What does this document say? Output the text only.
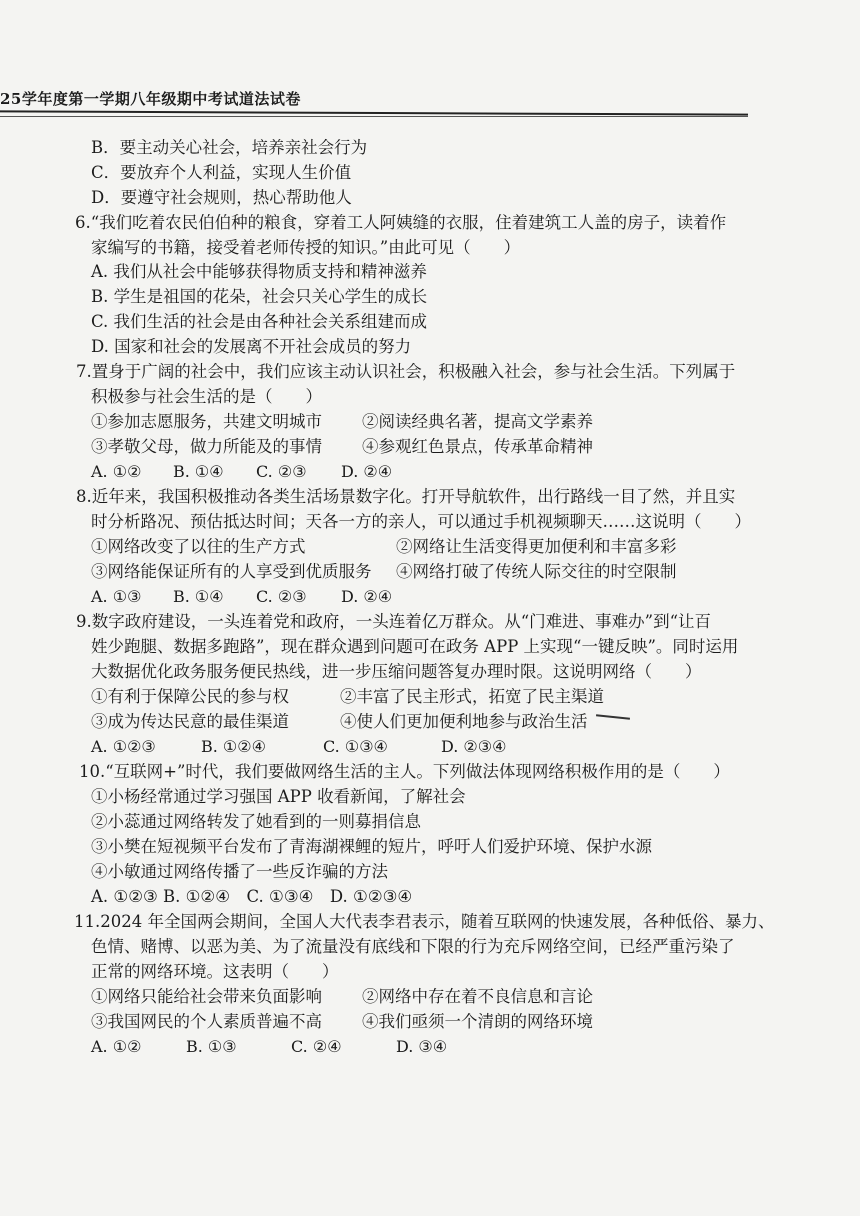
25学年度第一学期八年级期中考试道法试卷
B．要主动关心社会，培养亲社会行为
C．要放弃个人利益，实现人生价值
D．要遵守社会规则，热心帮助他人
6.“我们吃着农民伯伯种的粮食，穿着工人阿姨缝的衣服，住着建筑工人盖的房子，读着作
家编写的书籍，接受着老师传授的知识。”由此可见（　　）
A. 我们从社会中能够获得物质支持和精神滋养
B. 学生是祖国的花朵，社会只关心学生的成长
C. 我们生活的社会是由各种社会关系组建而成
D. 国家和社会的发展离不开社会成员的努力
7.置身于广阔的社会中，我们应该主动认识社会，积极融入社会，参与社会生活。下列属于
积极参与社会生活的是（　　）
①参加志愿服务，共建文明城市 ②阅读经典名著，提高文学素养
③孝敬父母，做力所能及的事情 ④参观红色景点，传承革命精神
A. ①② B. ①④ C. ②③ D. ②④
8.近年来，我国积极推动各类生活场景数字化。打开导航软件，出行路线一目了然，并且实
时分析路况、预估抵达时间；天各一方的亲人，可以通过手机视频聊天……这说明（　　）
①网络改变了以往的生产方式	②网络让生活变得更加便利和丰富多彩
③网络能保证所有的人享受到优质服务 ④网络打破了传统人际交往的时空限制
A. ①③ B. ①④ C. ②③ D. ②④
9.数字政府建设，一头连着党和政府，一头连着亿万群众。从“门难进、事难办”到“让百
姓少跑腿、数据多跑路”，现在群众遇到问题可在政务 APP 上实现“一键反映”。同时运用
大数据优化政务服务便民热线，进一步压缩问题答复办理时限。这说明网络（　　）
①有利于保障公民的参与权	②丰富了民主形式，拓宽了民主渠道
③成为传达民意的最佳渠道	④使人们更加便利地参与政治生活
A. ①②③	B. ①②④	C. ①③④	D. ②③④
10.“互联网+”时代，我们要做网络生活的主人。下列做法体现网络积极作用的是（　　）
①小杨经常通过学习强国 APP 收看新闻，了解社会
②小蕊通过网络转发了她看到的一则募捐信息
③小樊在短视频平台发布了青海湖裸鲤的短片，呼吁人们爱护环境、保护水源
④小敏通过网络传播了一些反诈骗的方法
A. ①②③ B. ①②④　C. ①③④　D. ①②③④
11.2024 年全国两会期间，全国人大代表李君表示，随着互联网的快速发展，各种低俗、暴力、
色情、赌博、以恶为美、为了流量没有底线和下限的行为充斥网络空间，已经严重污染了
正常的网络环境。这表明（　　）
①网络只能给社会带来负面影响 ②网络中存在着不良信息和言论
③我国网民的个人素质普遍不高 ④我们亟须一个清朗的网络环境
A. ①②	B. ①③	C. ②④	D. ③④
